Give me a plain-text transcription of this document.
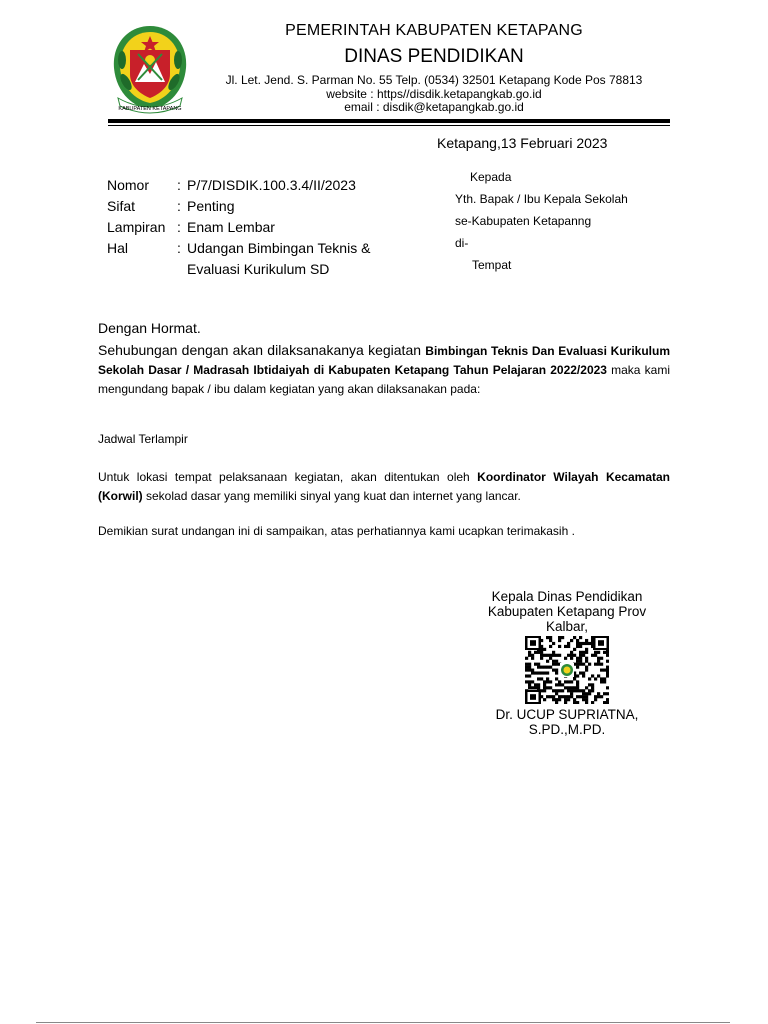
KABUPATEN KETAPANG
PEMERINTAH KABUPATEN KETAPANG
DINAS PENDIDIKAN
Jl. Let. Jend. S. Parman No. 55 Telp. (0534) 32501 Ketapang Kode Pos 78813
website : https//disdik.ketapangkab.go.id
email : disdik@ketapangkab.go.id
Ketapang,13 Februari 2023
Nomor	: P/7/DISDIK.100.3.4/II/2023
Sifat	: Penting
Lampiran : Enam Lembar
Hal	: Udangan Bimbingan Teknis &
Evaluasi Kurikulum SD
Kepada
Yth. Bapak / Ibu Kepala Sekolah
se-Kabupaten Ketapanng
di-
Tempat
Dengan Hormat.
Sehubungan dengan akan dilaksanakanya kegiatan Bimbingan Teknis Dan Evaluasi Kurikulum Sekolah Dasar / Madrasah Ibtidaiyah di Kabupaten Ketapang Tahun Pelajaran 2022/2023 maka kami mengundang bapak / ibu dalam kegiatan yang akan dilaksanakan pada:
Jadwal Terlampir
Untuk lokasi tempat pelaksanaan kegiatan, akan ditentukan oleh Koordinator Wilayah Kecamatan (Korwil) sekolad dasar yang memiliki sinyal yang kuat dan internet yang lancar.
Demikian surat undangan ini di sampaikan, atas perhatiannya kami ucapkan terimakasih .
Kepala Dinas Pendidikan
Kabupaten Ketapang Prov
Kalbar,
Dr. UCUP SUPRIATNA,
S.PD.,M.PD.
